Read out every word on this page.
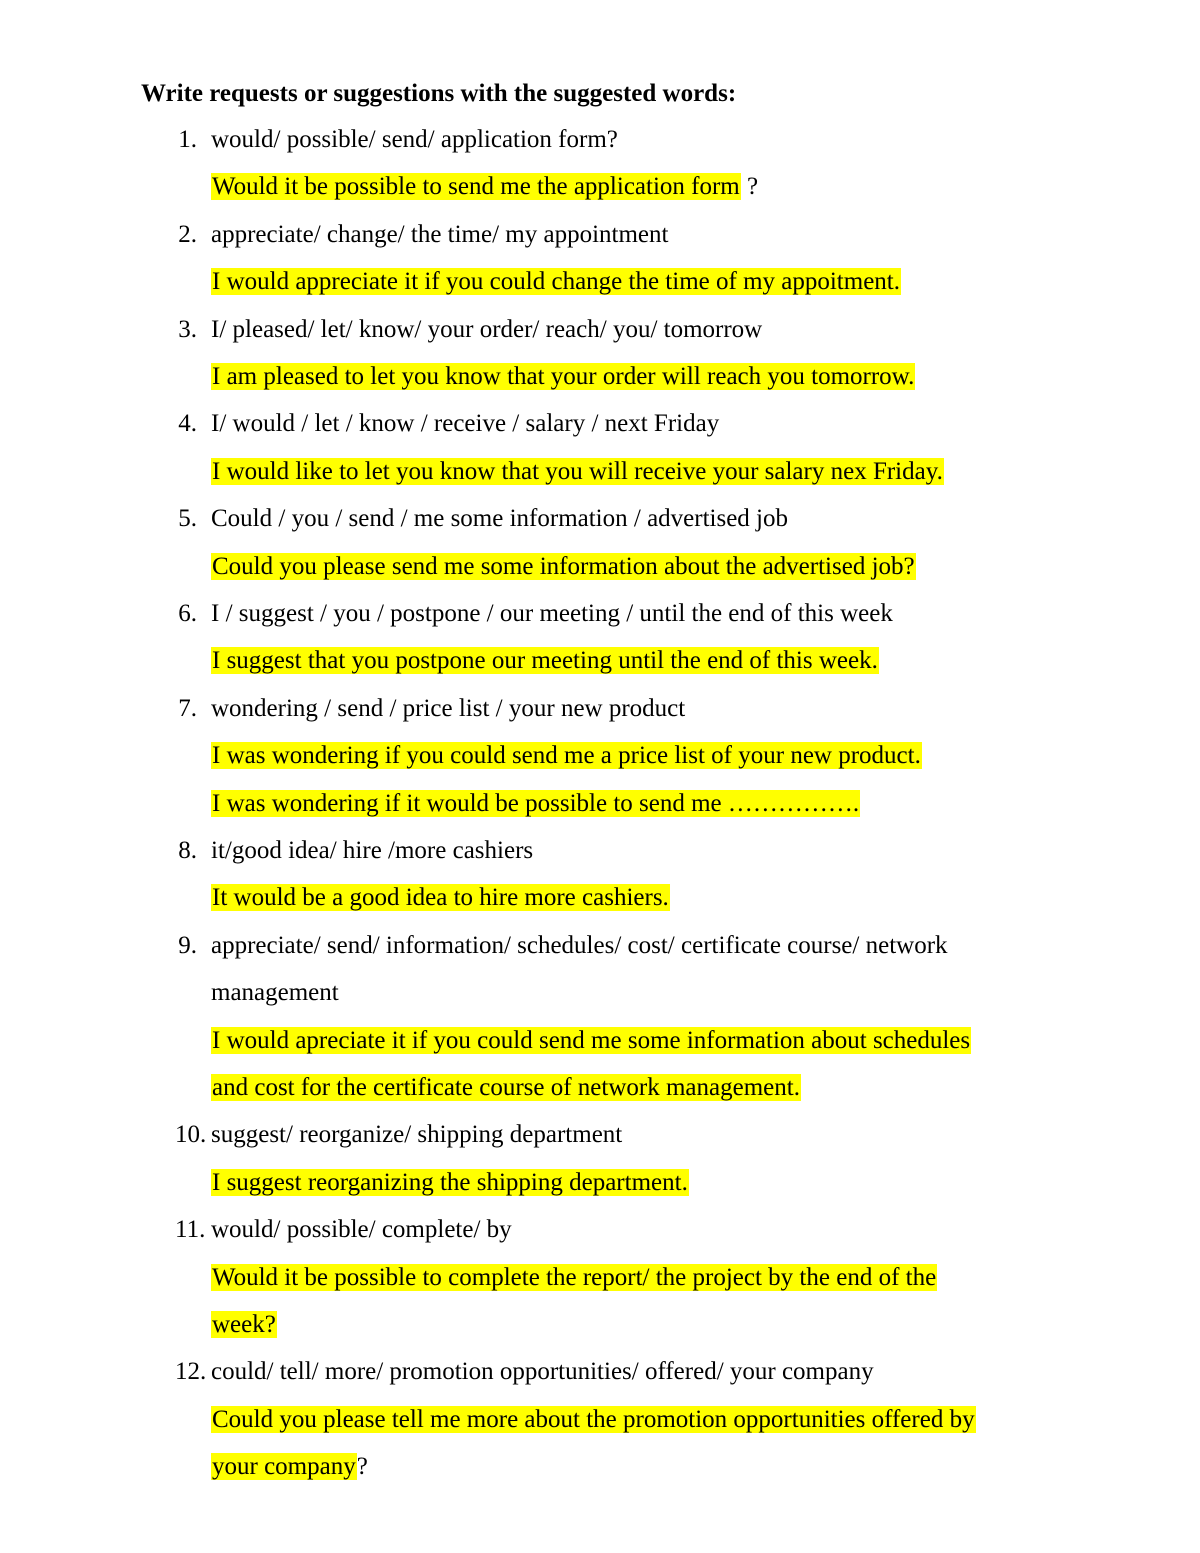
Write requests or suggestions with the suggested words:
1. would/ possible/ send/ application form?
Would it be possible to send me the application form ?
2. appreciate/ change/ the time/ my appointment
I would appreciate it if you could change the time of my appoitment.
3. I/ pleased/ let/ know/ your order/ reach/ you/ tomorrow
I am pleased to let you know that your order will reach you tomorrow.
4. I/ would / let / know / receive / salary / next Friday
I would like to let you know that you will receive your salary nex Friday.
5. Could / you / send / me some information / advertised job
Could you please send me some information about the advertised job?
6. I / suggest / you / postpone / our meeting / until the end of this week
I suggest that you postpone our meeting until the end of this week.
7. wondering / send / price list / your new product
I was wondering if you could send me a price list of your new product.
I was wondering if it would be possible to send me …………….
8. it/good idea/ hire /more cashiers
It would be a good idea to hire more cashiers.
9. appreciate/ send/ information/ schedules/ cost/ certificate course/ network
management
I would apreciate it if you could send me some information about schedules
and cost for the certificate course of network management.
10. suggest/ reorganize/ shipping department
I suggest reorganizing the shipping department.
11. would/ possible/ complete/ by
Would it be possible to complete the report/ the project by the end of the
week?
12. could/ tell/ more/ promotion opportunities/ offered/ your company
Could you please tell me more about the promotion opportunities offered by
your company?
